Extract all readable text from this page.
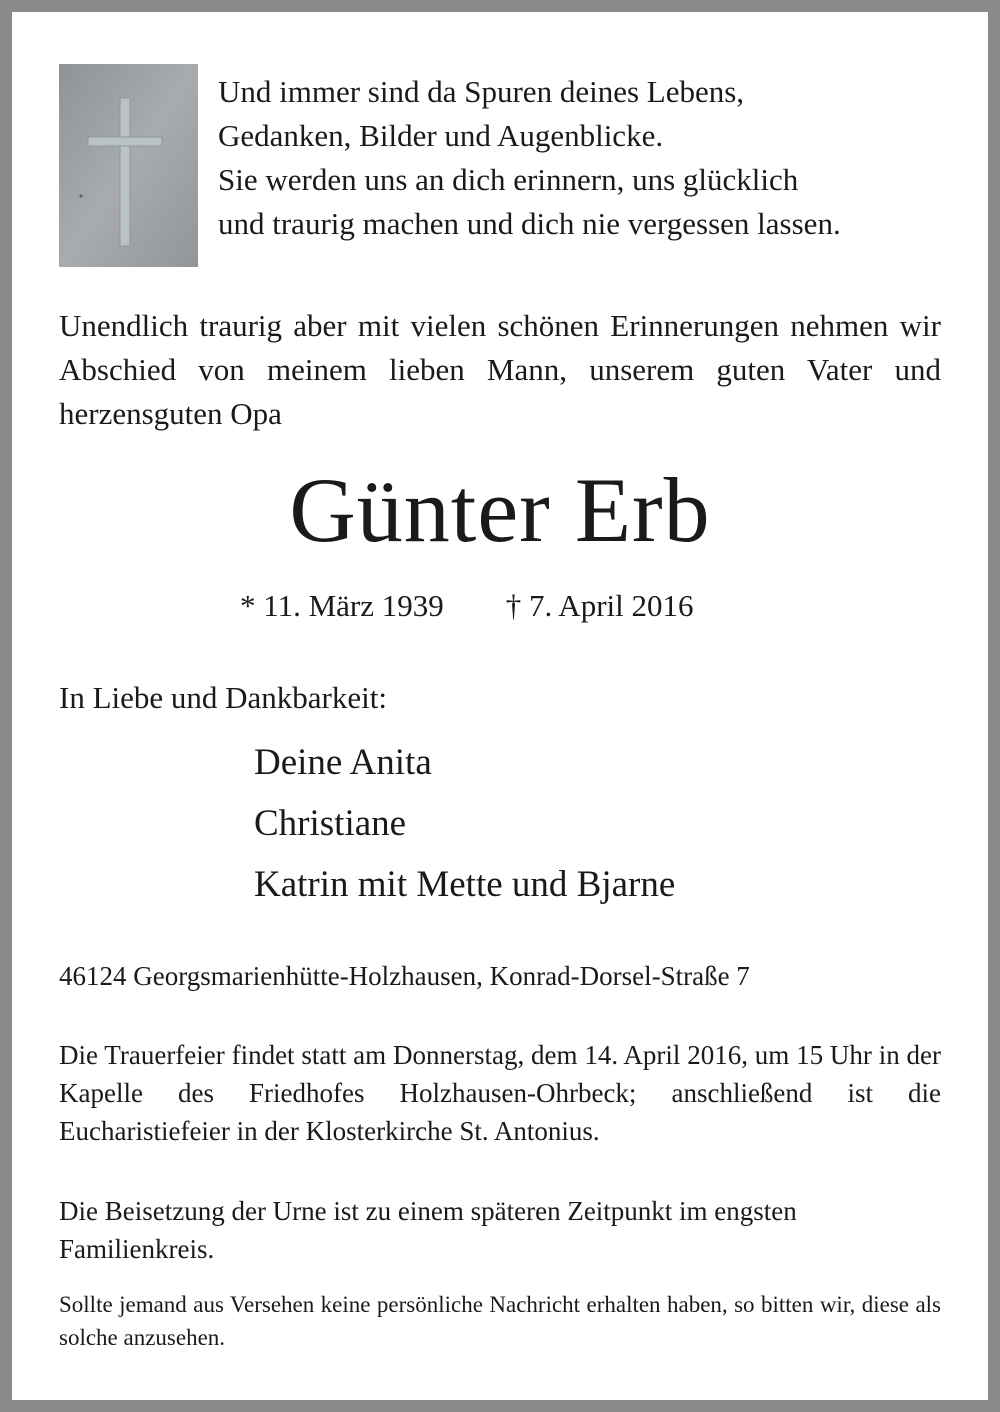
Und immer sind da Spuren deines Lebens,
Gedanken, Bilder und Augenblicke.
Sie werden uns an dich erinnern, uns glücklich
und traurig machen und dich nie vergessen lassen.
Unendlich traurig aber mit vielen schönen Erinnerungen nehmen wir Abschied von meinem lieben Mann, unserem guten Vater und herzensguten Opa
Günter Erb
* 11. März 1939 † 7. April 2016
In Liebe und Dankbarkeit:
Deine Anita
Christiane
Katrin mit Mette und Bjarne
46124 Georgsmarienhütte-Holzhausen, Konrad-Dorsel-Straße 7
Die Trauerfeier findet statt am Donnerstag, dem 14. April 2016, um 15 Uhr in der Kapelle des Friedhofes Holzhausen-Ohrbeck; anschließend ist die Eucharistiefeier in der Klosterkirche St. Antonius.
Die Beisetzung der Urne ist zu einem späteren Zeitpunkt im engsten Familienkreis.
Sollte jemand aus Versehen keine persönliche Nachricht erhalten haben, so bitten wir, diese als solche anzusehen.
